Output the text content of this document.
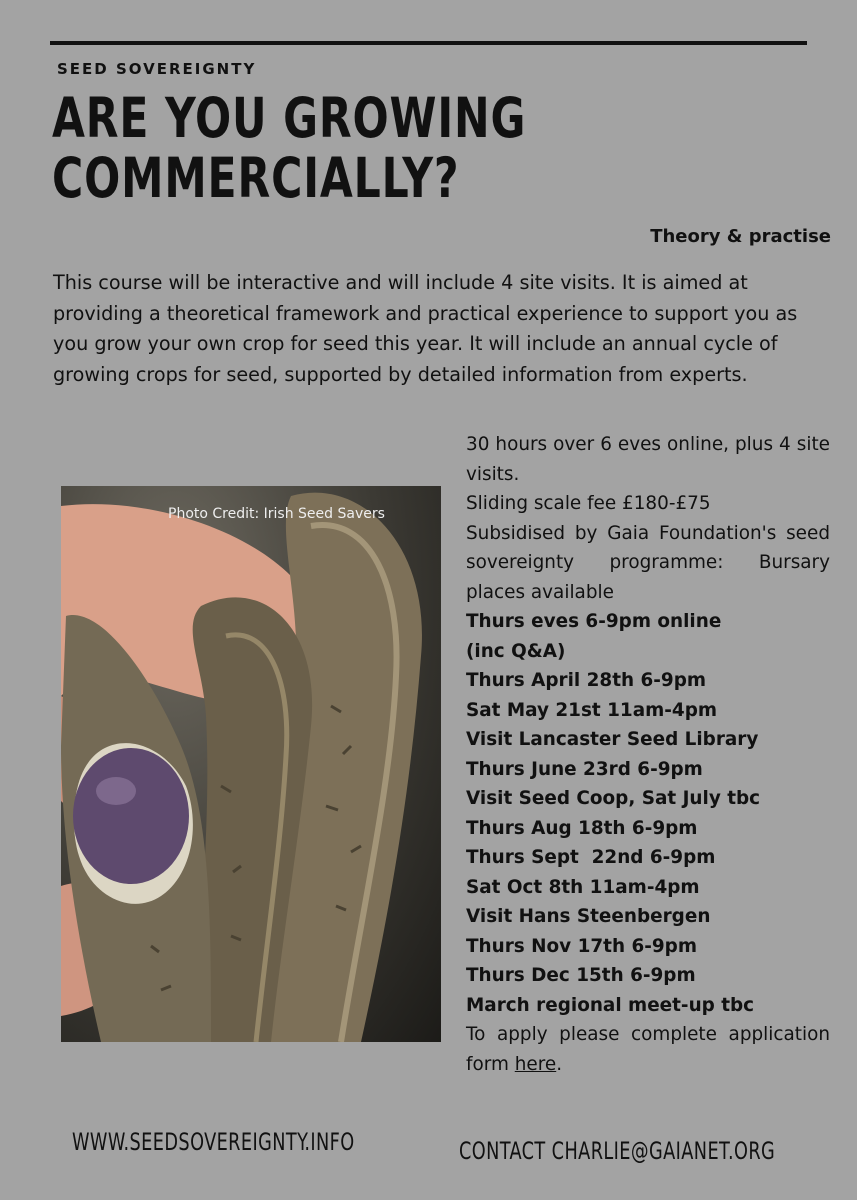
SEED SOVEREIGNTY
ARE YOU GROWING
COMMERCIALLY?
Theory & practise
This course will be interactive and will include 4 site visits. It is aimed at providing a theoretical framework and practical experience to support you as you grow your own crop for seed this year. It will include an annual cycle of growing crops for seed, supported by detailed information from experts.
Photo Credit: Irish Seed Savers
30 hours over 6 eves online, plus 4 site visits.
Sliding scale fee £180-£75
Subsidised by Gaia Foundation's seed sovereignty programme: Bursary places available
Thurs eves 6-9pm online
(inc Q&A)
Thurs April 28th 6-9pm
Sat May 21st 11am-4pm
Visit Lancaster Seed Library
Thurs June 23rd 6-9pm
Visit Seed Coop, Sat July tbc
Thurs Aug 18th 6-9pm
Thurs Sept  22nd 6-9pm
Sat Oct 8th 11am-4pm
Visit Hans Steenbergen
Thurs Nov 17th 6-9pm
Thurs Dec 15th 6-9pm
March regional meet-up tbc
To apply please complete application form here.
WWW.SEEDSOVEREIGNTY.INFO	CONTACT CHARLIE@GAIANET.ORG
